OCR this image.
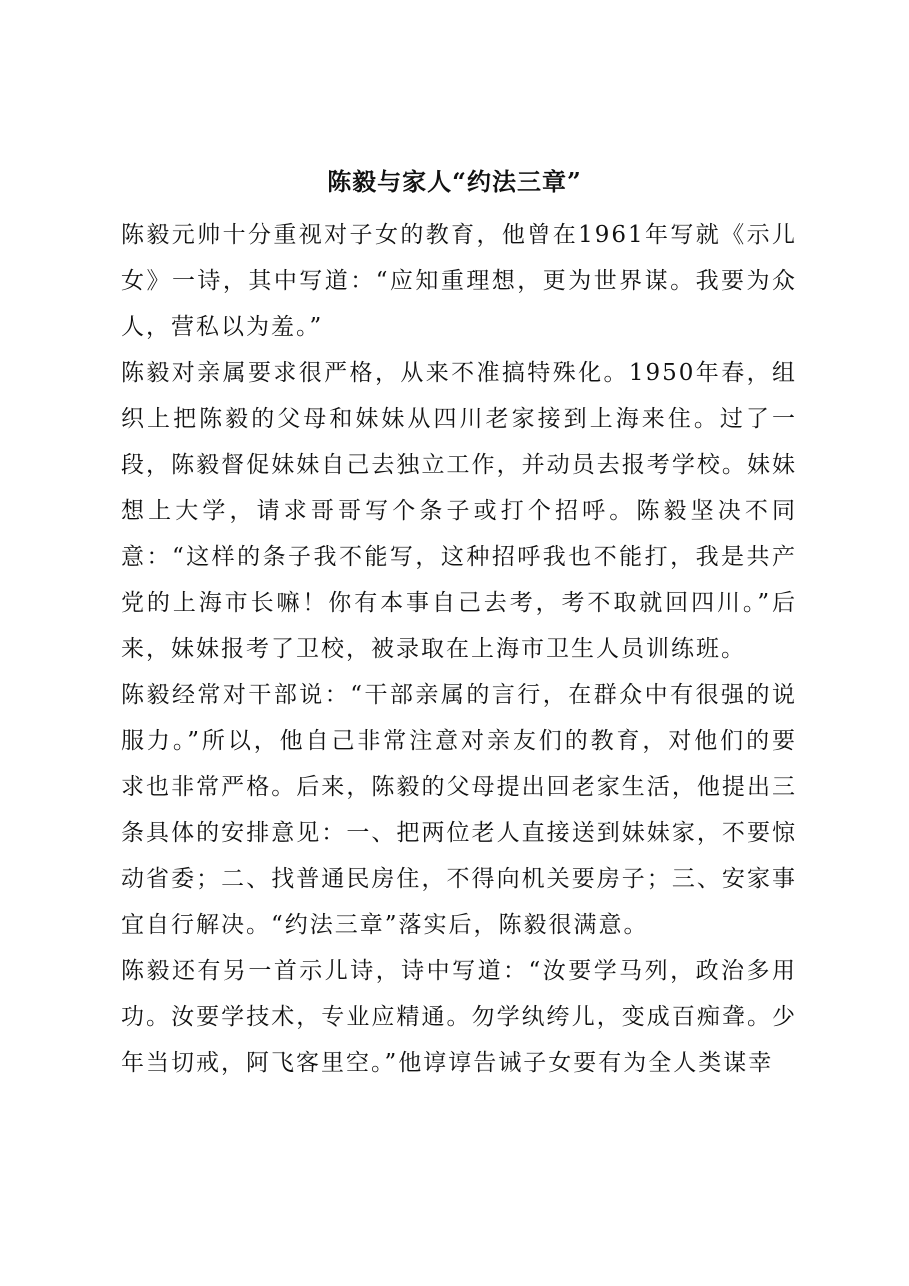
陈毅与家人“约法三章”

陈毅元帅十分重视对子女的教育，他曾在1961年写就《示儿女》一诗，其中写道：“应知重理想，更为世界谋。我要为众人，营私以为羞。”

陈毅对亲属要求很严格，从来不准搞特殊化。1950年春，组织上把陈毅的父母和妹妹从四川老家接到上海来住。过了一段，陈毅督促妹妹自己去独立工作，并动员去报考学校。妹妹想上大学，请求哥哥写个条子或打个招呼。陈毅坚决不同意：“这样的条子我不能写，这种招呼我也不能打，我是共产党的上海市长嘛！你有本事自己去考，考不取就回四川。”后来，妹妹报考了卫校，被录取在上海市卫生人员训练班。

陈毅经常对干部说：“干部亲属的言行，在群众中有很强的说服力。”所以，他自己非常注意对亲友们的教育，对他们的要求也非常严格。后来，陈毅的父母提出回老家生活，他提出三条具体的安排意见：一、把两位老人直接送到妹妹家，不要惊动省委；二、找普通民房住，不得向机关要房子；三、安家事宜自行解决。“约法三章”落实后，陈毅很满意。

陈毅还有另一首示儿诗，诗中写道：“汝要学马列，政治多用功。汝要学技术，专业应精通。勿学纨绔儿，变成百痴聋。少年当切戒，阿飞客里空。”他谆谆告诫子女要有为全人类谋幸
